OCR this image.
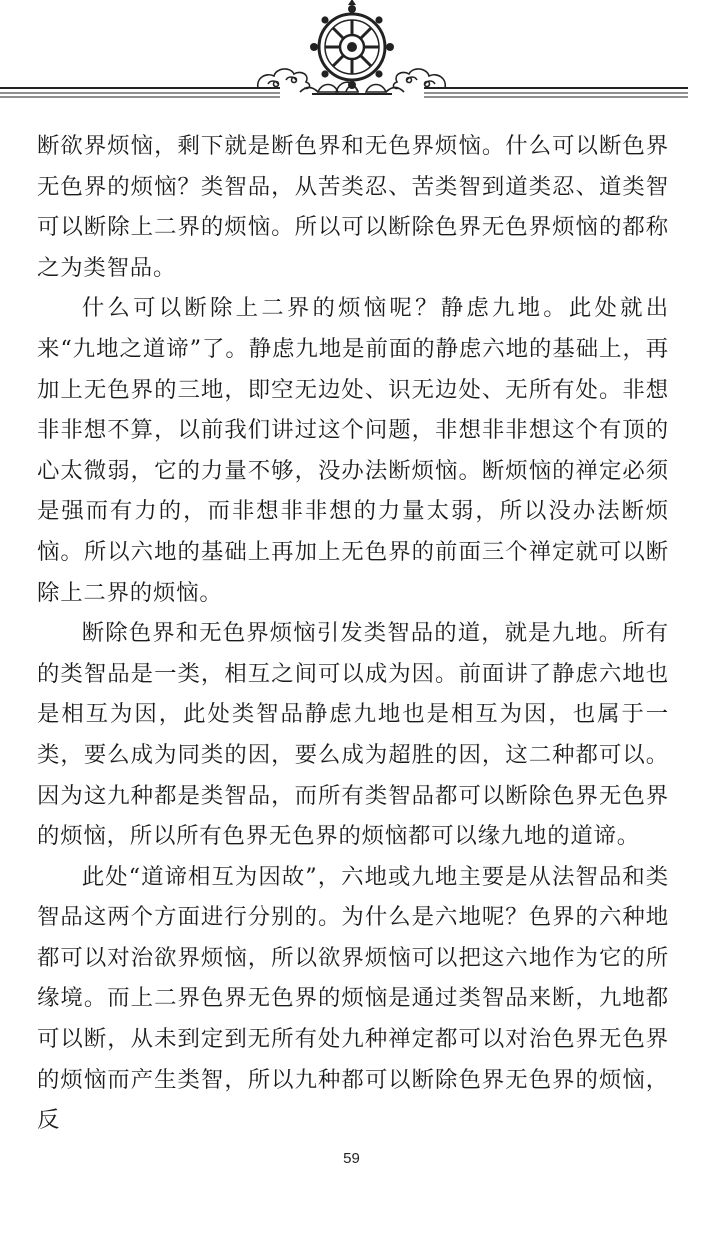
断欲界烦恼，剩下就是断色界和无色界烦恼。什么可以断色界无色界的烦恼？类智品，从苦类忍、苦类智到道类忍、道类智可以断除上二界的烦恼。所以可以断除色界无色界烦恼的都称之为类智品。

什么可以断除上二界的烦恼呢？静虑九地。此处就出来“九地之道谛”了。静虑九地是前面的静虑六地的基础上，再加上无色界的三地，即空无边处、识无边处、无所有处。非想非非想不算，以前我们讲过这个问题，非想非非想这个有顶的心太微弱，它的力量不够，没办法断烦恼。断烦恼的禅定必须是强而有力的，而非想非非想的力量太弱，所以没办法断烦恼。所以六地的基础上再加上无色界的前面三个禅定就可以断除上二界的烦恼。

断除色界和无色界烦恼引发类智品的道，就是九地。所有的类智品是一类，相互之间可以成为因。前面讲了静虑六地也是相互为因，此处类智品静虑九地也是相互为因，也属于一类，要么成为同类的因，要么成为超胜的因，这二种都可以。因为这九种都是类智品，而所有类智品都可以断除色界无色界的烦恼，所以所有色界无色界的烦恼都可以缘九地的道谛。

此处“道谛相互为因故”，六地或九地主要是从法智品和类智品这两个方面进行分别的。为什么是六地呢？色界的六种地都可以对治欲界烦恼，所以欲界烦恼可以把这六地作为它的所缘境。而上二界色界无色界的烦恼是通过类智品来断，九地都可以断，从未到定到无所有处九种禅定都可以对治色界无色界的烦恼而产生类智，所以九种都可以断除色界无色界的烦恼，反

59
